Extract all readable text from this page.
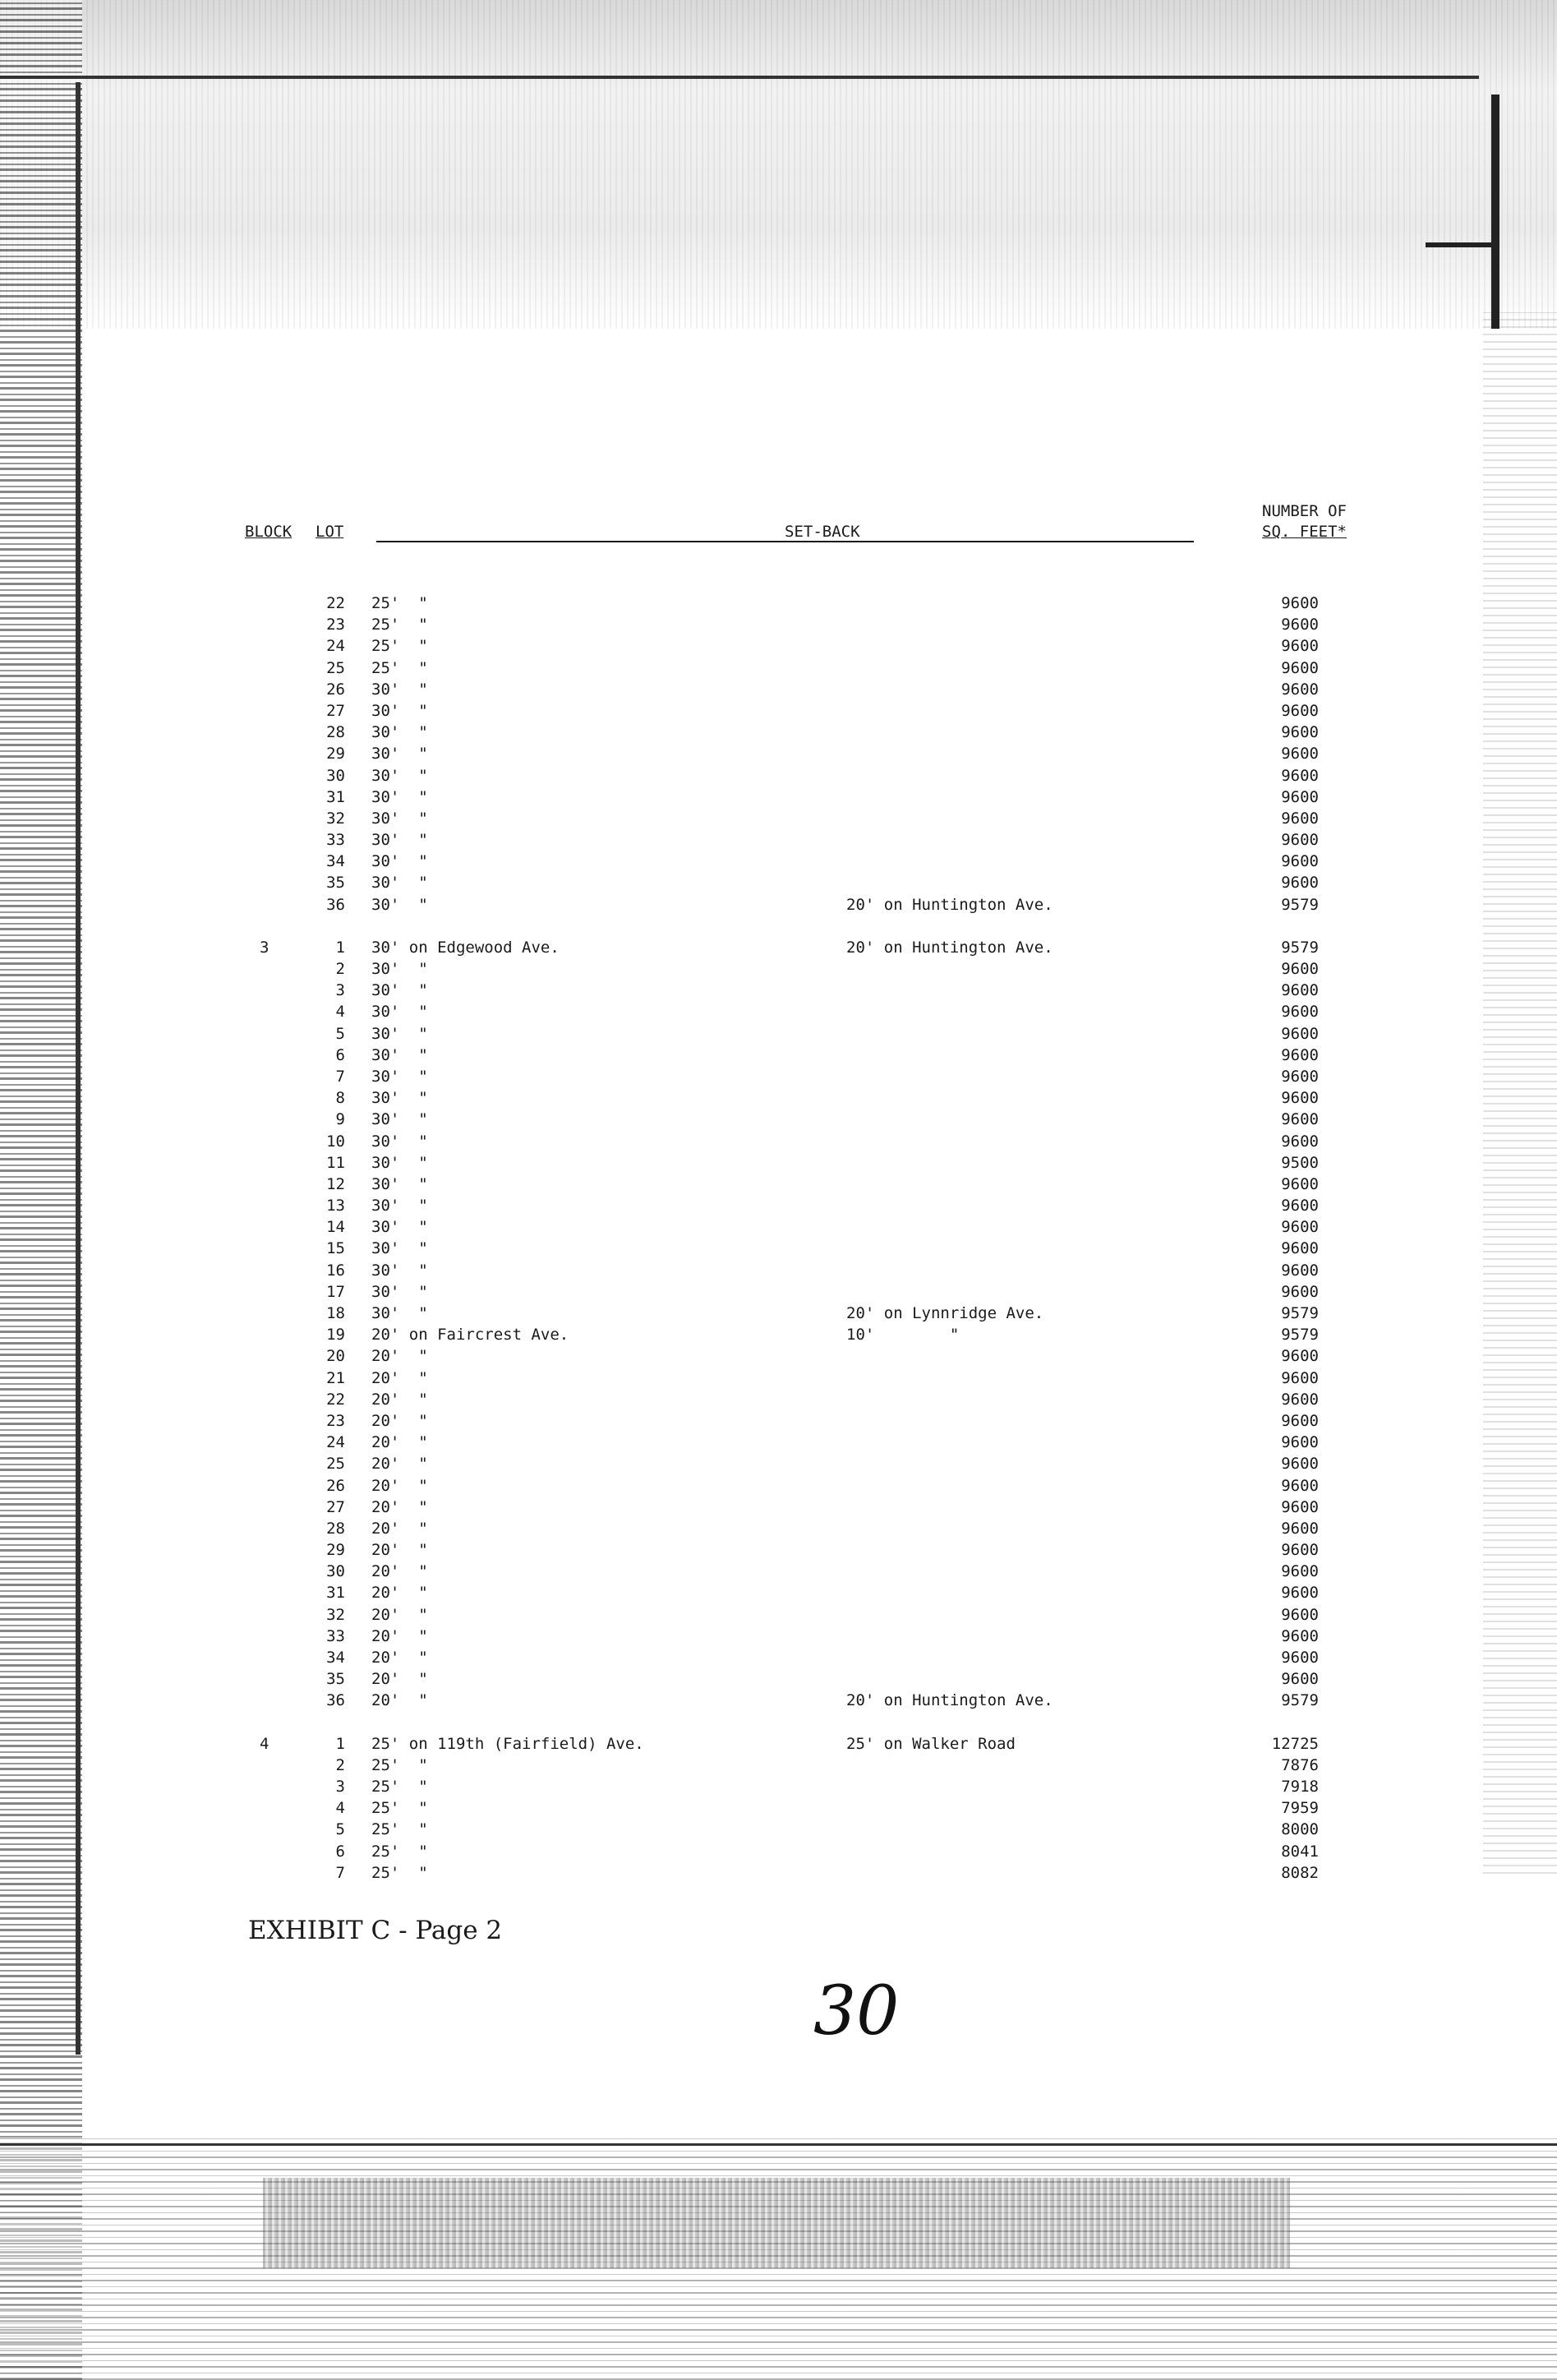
BLOCK LOT	SET-BACK
NUMBER OF
SQ. FEET*
22 25'  "	9600
23 25'  "	9600
24 25'  "	9600
25 25'  "	9600
26 30'  "	9600
27 30'  "	9600
28 30'  "	9600
29 30'  "	9600
30 30'  "	9600
31 30'  "	9600
32 30'  "	9600
33 30'  "	9600
34 30'  "	9600
35 30'  "	9600
36 30'  "	20' on Huntington Ave.	9579
3	1 30' on Edgewood Ave.	20' on Huntington Ave.	9579
2 30'  "	9600
3 30'  "	9600
4 30'  "	9600
5 30'  "	9600
6 30'  "	9600
7 30'  "	9600
8 30'  "	9600
9 30'  "	9600
10 30'  "	9600
11 30'  "	9500
12 30'  "	9600
13 30'  "	9600
14 30'  "	9600
15 30'  "	9600
16 30'  "	9600
17 30'  "	9600
18 30'  "	20' on Lynnridge Ave.	9579
19 20' on Faircrest Ave.	10'        "	9579
20 20'  "	9600
21 20'  "	9600
22 20'  "	9600
23 20'  "	9600
24 20'  "	9600
25 20'  "	9600
26 20'  "	9600
27 20'  "	9600
28 20'  "	9600
29 20'  "	9600
30 20'  "	9600
31 20'  "	9600
32 20'  "	9600
33 20'  "	9600
34 20'  "	9600
35 20'  "	9600
36 20'  "	20' on Huntington Ave.	9579
4	1 25' on 119th (Fairfield) Ave.	25' on Walker Road	12725
2 25'  "	7876
3 25'  "	7918
4 25'  "	7959
5 25'  "	8000
6 25'  "	8041
7 25'  "	8082
EXHIBIT C - Page 2
30
